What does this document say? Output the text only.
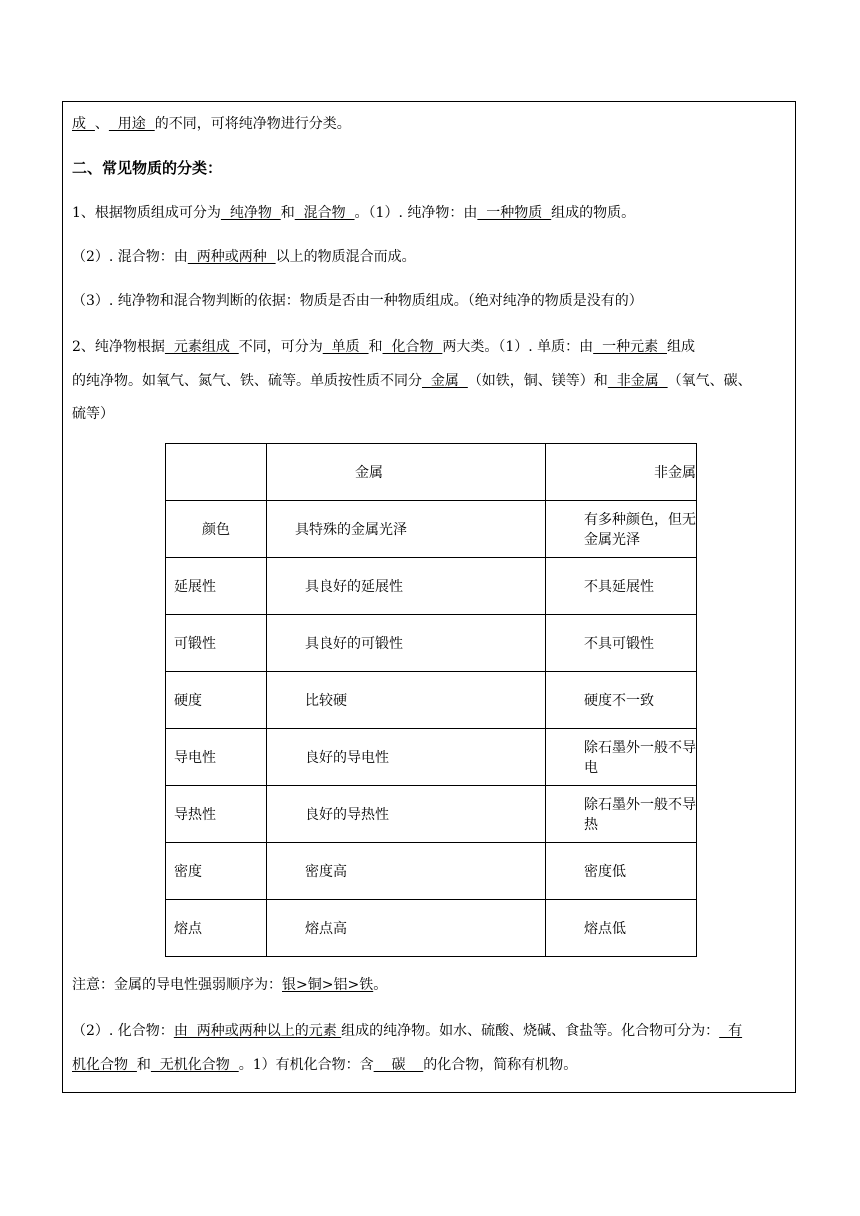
成  、  用途  的不同，可将纯净物进行分类。
二、常见物质的分类：
1、根据物质组成可分为  纯净物  和  混合物  。（1）. 纯净物：由  一种物质  组成的物质。
（2）. 混合物：由  两种或两种  以上的物质混合而成。
（3）. 纯净物和混合物判断的依据：物质是否由一种物质组成。（绝对纯净的物质是没有的）
2、纯净物根据  元素组成  不同，可分为  单质  和  化合物  两大类。（1）. 单质：由  一种元素  组成
的纯净物。如氧气、氮气、铁、硫等。单质按性质不同分  金属  （如铁，铜、镁等）和  非金属  （氧气、碳、
硫等）
	金属	非金属
颜色	具特殊的金属光泽	有多种颜色，但无金属光泽
延展性	具良好的延展性	不具延展性
可锻性	具良好的可锻性	不具可锻性
硬度	比较硬	硬度不一致
导电性	良好的导电性	除石墨外一般不导电
导热性	良好的导热性	除石墨外一般不导热
密度	密度高	密度低
熔点	熔点高	熔点低
注意：金属的导电性强弱顺序为：银>铜>铝>铁。
（2）. 化合物：由  两种或两种以上的元素 组成的纯净物。如水、硫酸、烧碱、食盐等。化合物可分为：  有
机化合物  和  无机化合物  。1）有机化合物：含    碳    的化合物，简称有机物。
